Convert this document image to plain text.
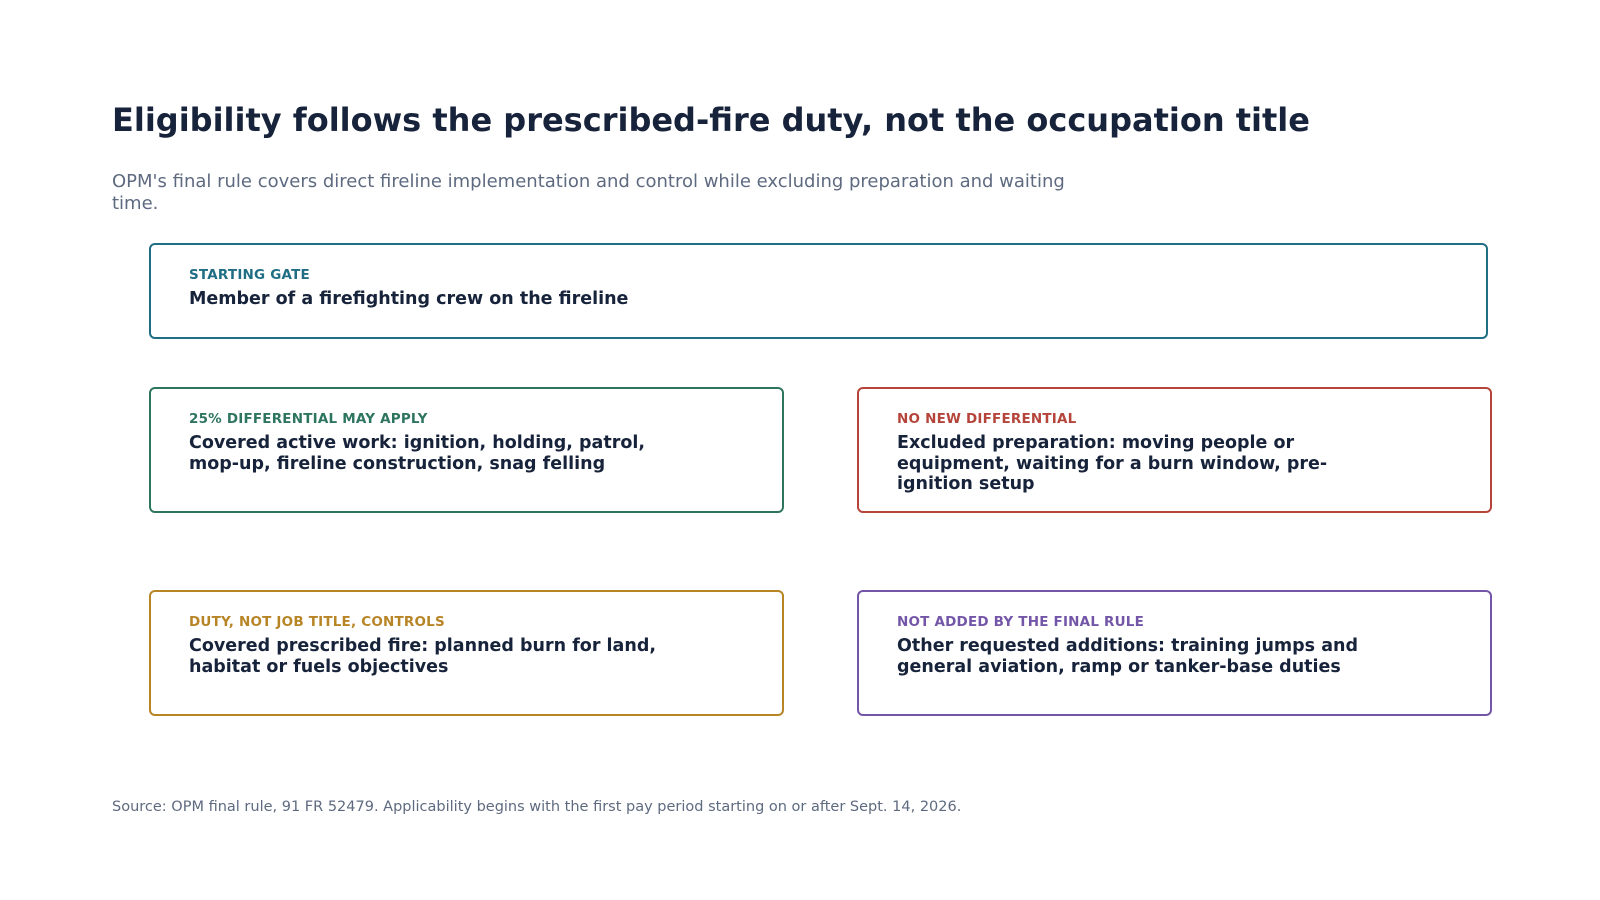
Eligibility follows the prescribed-fire duty, not the occupation title

OPM's final rule covers direct fireline implementation and control while excluding preparation and waiting time.

STARTING GATE
Member of a firefighting crew on the fireline
25% DIFFERENTIAL MAY APPLY
Covered active work: ignition, holding, patrol, mop-up, fireline construction, snag felling
NO NEW DIFFERENTIAL
Excluded preparation: moving people or equipment, waiting for a burn window, pre-ignition setup
DUTY, NOT JOB TITLE, CONTROLS
Covered prescribed fire: planned burn for land, habitat or fuels objectives
NOT ADDED BY THE FINAL RULE
Other requested additions: training jumps and general aviation, ramp or tanker-base duties

Source: OPM final rule, 91 FR 52479. Applicability begins with the first pay period starting on or after Sept. 14, 2026.
